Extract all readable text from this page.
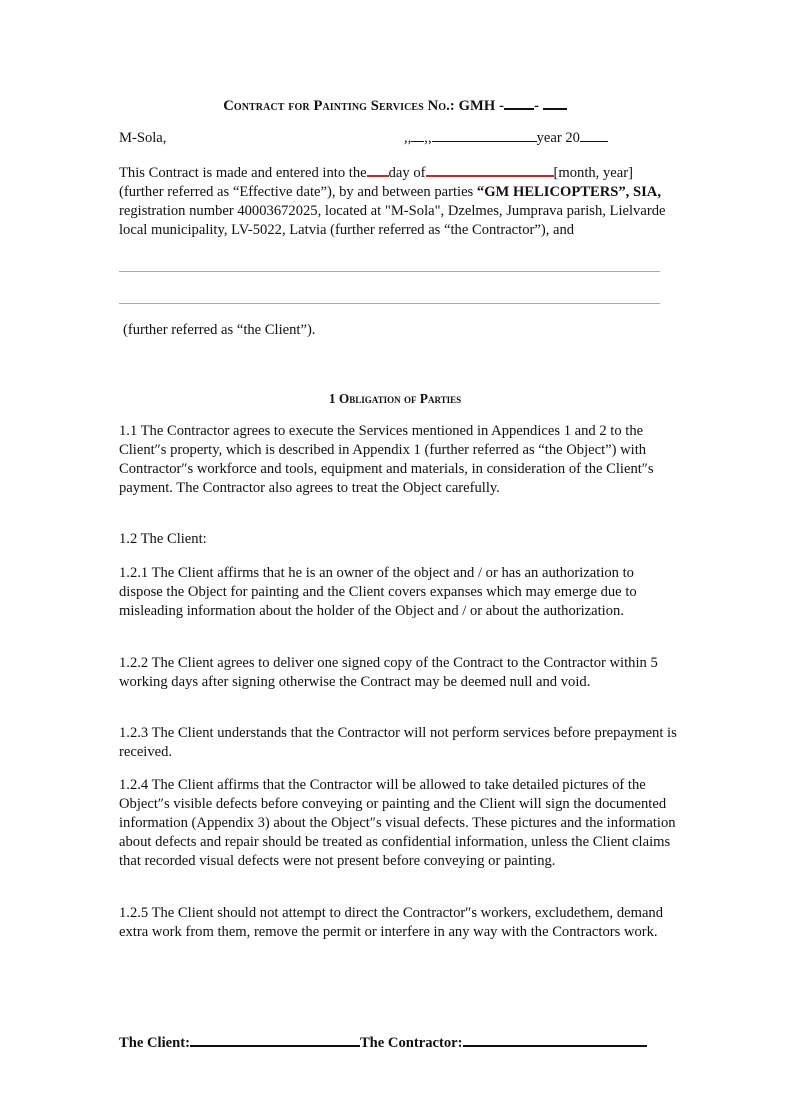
Contract for Painting Services No.: GMH - -
M-Sola,	,, ,,	year 20
This Contract is made and entered into the day of	[month, year] (further referred as “Effective date”), by and between parties “GM HELICOPTERS”, SIA, registration number 40003672025, located at "M-Sola", Dzelmes, Jumprava parish, Lielvarde local municipality, LV-5022, Latvia (further referred as “the Contractor”), and
(further referred as “the Client”).
1 Obligation of Parties
1.1 The Contractor agrees to execute the Services mentioned in Appendices 1 and 2 to the Client″s property, which is described in Appendix 1 (further referred as “the Object”) with Contractor″s workforce and tools, equipment and materials, in consideration of the Client″s payment. The Contractor also agrees to treat the Object carefully.
1.2 The Client:
1.2.1 The Client affirms that he is an owner of the object and / or has an authorization to dispose the Object for painting and the Client covers expanses which may emerge due to misleading information about the holder of the Object and / or about the authorization.
1.2.2 The Client agrees to deliver one signed copy of the Contract to the Contractor within 5 working days after signing otherwise the Contract may be deemed null and void.
1.2.3 The Client understands that the Contractor will not perform services before prepayment is received.
1.2.4 The Client affirms that the Contractor will be allowed to take detailed pictures of the Object″s visible defects before conveying or painting and the Client will sign the documented information (Appendix 3) about the Object″s visual defects. These pictures and the information about defects and repair should be treated as confidential information, unless the Client claims that recorded visual defects were not present before conveying or painting.
1.2.5 The Client should not attempt to direct the Contractor″s workers, excludethem, demand extra work from them, remove the permit or interfere in any way with the Contractors work.
The Client:	The Contractor:
